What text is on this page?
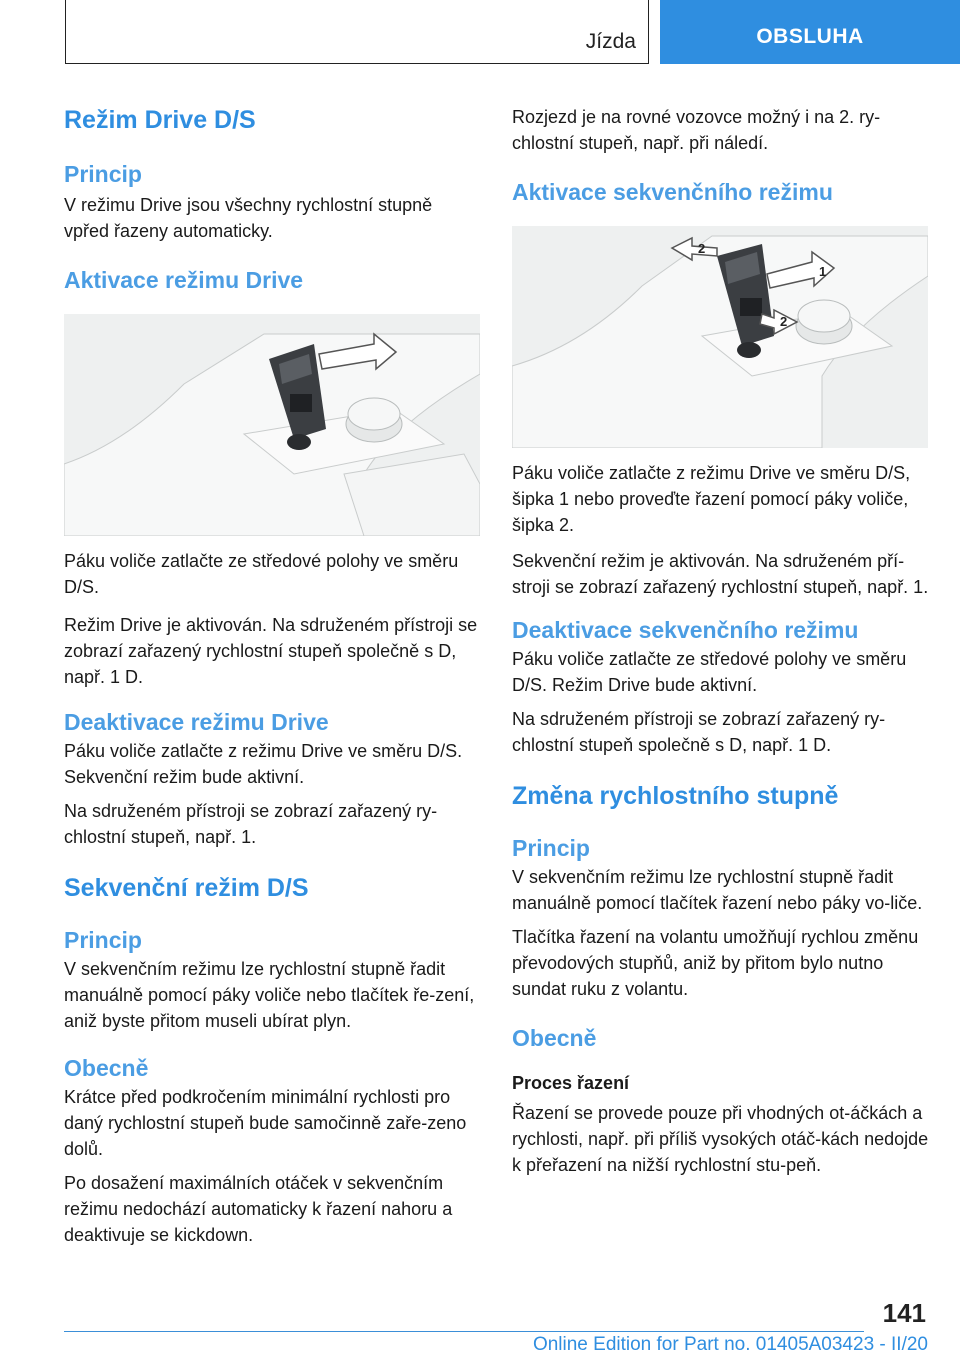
Jízda	OBSLUHA
Režim Drive D/S
Princip

V režimu Drive jsou všechny rychlostní stupně vpřed řazeny automaticky.

Aktivace režimu Drive

Páku voliče zatlačte ze středové polohy ve směru D/S.

Režim Drive je aktivován. Na sdruženém přístroji se zobrazí zařazený rychlostní stupeň společně s D, např. 1 D.

Deaktivace režimu Drive

Páku voliče zatlačte z režimu Drive ve směru D/S. Sekvenční režim bude aktivní.

Na sdruženém přístroji se zobrazí zařazený ry-chlostní stupeň, např. 1.

Sekvenční režim D/S
Princip

V sekvenčním režimu lze rychlostní stupně řadit manuálně pomocí páky voliče nebo tlačítek ře-zení, aniž byste přitom museli ubírat plyn.

Obecně

Krátce před podkročením minimální rychlosti pro daný rychlostní stupeň bude samočinně zaře-zeno dolů.

Po dosažení maximálních otáček v sekvenčním režimu nedochází automaticky k řazení nahoru a deaktivuje se kickdown.

Rozjezd je na rovné vozovce možný i na 2. ry-chlostní stupeň, např. při náledí.

Aktivace sekvenčního režimu
1
2
2

Páku voliče zatlačte z režimu Drive ve směru D/S, šipka 1 nebo proveďte řazení pomocí páky voliče, šipka 2.

Sekvenční režim je aktivován. Na sdruženém pří-stroji se zobrazí zařazený rychlostní stupeň, např. 1.

Deaktivace sekvenčního režimu

Páku voliče zatlačte ze středové polohy ve směru D/S. Režim Drive bude aktivní.

Na sdruženém přístroji se zobrazí zařazený ry-chlostní stupeň společně s D, např. 1 D.

Změna rychlostního stupně
Princip

V sekvenčním režimu lze rychlostní stupně řadit manuálně pomocí tlačítek řazení nebo páky vo-liče.

Tlačítka řazení na volantu umožňují rychlou změnu převodových stupňů, aniž by přitom bylo nutno sundat ruku z volantu.

Obecně
Proces řazení

Řazení se provede pouze při vhodných ot-áčkách a rychlosti, např. při příliš vysokých otáč-kách nedojde k přeřazení na nižší rychlostní stu-peň.

141
Online Edition for Part no. 01405A03423 - II/20
